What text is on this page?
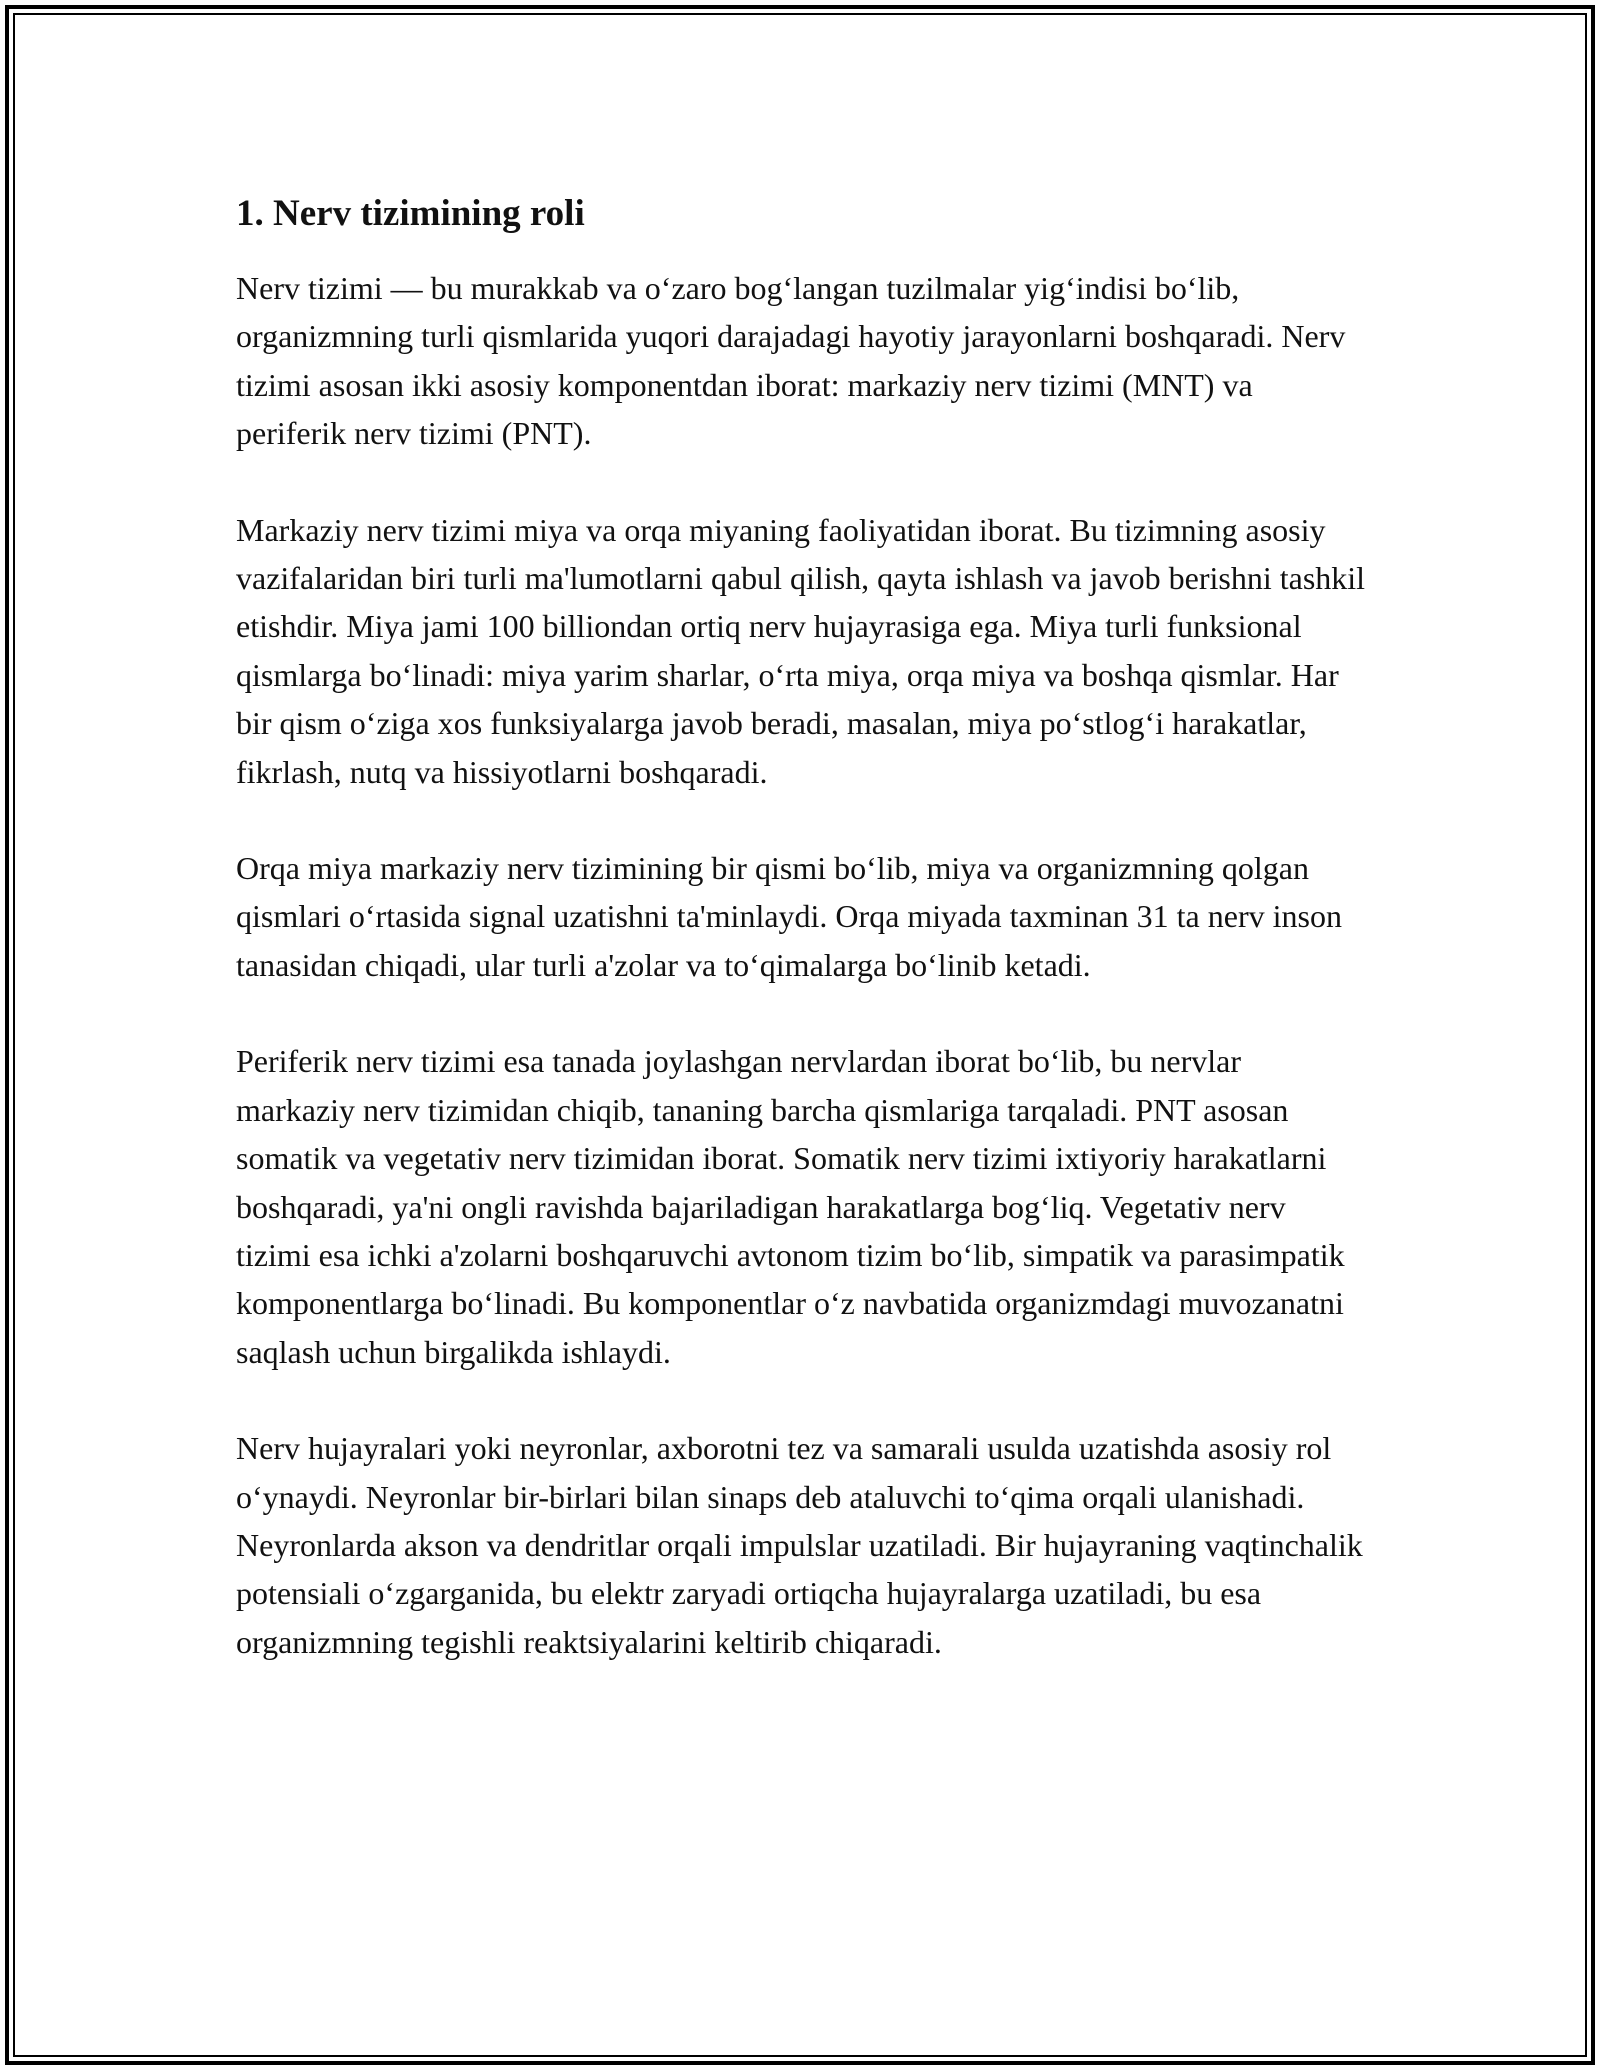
1. Nerv tizimining roli

Nerv tizimi — bu murakkab va o‘zaro bog‘langan tuzilmalar yig‘indisi bo‘lib, organizmning turli qismlarida yuqori darajadagi hayotiy jarayonlarni boshqaradi. Nerv tizimi asosan ikki asosiy komponentdan iborat: markaziy nerv tizimi (MNT) va periferik nerv tizimi (PNT).

Markaziy nerv tizimi miya va orqa miyaning faoliyatidan iborat. Bu tizimning asosiy vazifalaridan biri turli ma'lumotlarni qabul qilish, qayta ishlash va javob berishni tashkil etishdir. Miya jami 100 billiondan ortiq nerv hujayrasiga ega. Miya turli funksional qismlarga bo‘linadi: miya yarim sharlar, o‘rta miya, orqa miya va boshqa qismlar. Har bir qism o‘ziga xos funksiyalarga javob beradi, masalan, miya po‘stlog‘i harakatlar, fikrlash, nutq va hissiyotlarni boshqaradi.

Orqa miya markaziy nerv tizimining bir qismi bo‘lib, miya va organizmning qolgan qismlari o‘rtasida signal uzatishni ta'minlaydi. Orqa miyada taxminan 31 ta nerv inson tanasidan chiqadi, ular turli a'zolar va to‘qimalarga bo‘linib ketadi.

Periferik nerv tizimi esa tanada joylashgan nervlardan iborat bo‘lib, bu nervlar markaziy nerv tizimidan chiqib, tananing barcha qismlariga tarqaladi. PNT asosan somatik va vegetativ nerv tizimidan iborat. Somatik nerv tizimi ixtiyoriy harakatlarni boshqaradi, ya'ni ongli ravishda bajariladigan harakatlarga bog‘liq. Vegetativ nerv tizimi esa ichki a'zolarni boshqaruvchi avtonom tizim bo‘lib, simpatik va parasimpatik komponentlarga bo‘linadi. Bu komponentlar o‘z navbatida organizmdagi muvozanatni saqlash uchun birgalikda ishlaydi.

Nerv hujayralari yoki neyronlar, axborotni tez va samarali usulda uzatishda asosiy rol o‘ynaydi. Neyronlar bir-birlari bilan sinaps deb ataluvchi to‘qima orqali ulanishadi. Neyronlarda akson va dendritlar orqali impulslar uzatiladi. Bir hujayraning vaqtinchalik potensiali o‘zgarganida, bu elektr zaryadi ortiqcha hujayralarga uzatiladi, bu esa organizmning tegishli reaktsiyalarini keltirib chiqaradi.
